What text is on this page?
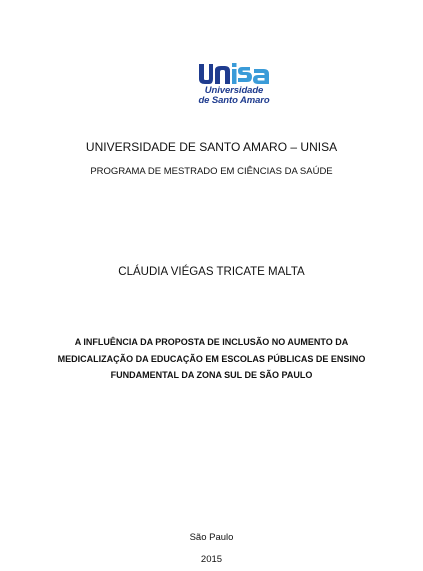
Universidade
de Santo Amaro
UNIVERSIDADE DE SANTO AMARO – UNISA
PROGRAMA DE MESTRADO EM CIÊNCIAS DA SAÚDE
CLÁUDIA VIÉGAS TRICATE MALTA
A INFLUÊNCIA DA PROPOSTA DE INCLUSÃO NO AUMENTO DA
MEDICALIZAÇÃO DA EDUCAÇÃO EM ESCOLAS PÚBLICAS DE ENSINO
FUNDAMENTAL DA ZONA SUL DE SÃO PAULO
São Paulo
2015
